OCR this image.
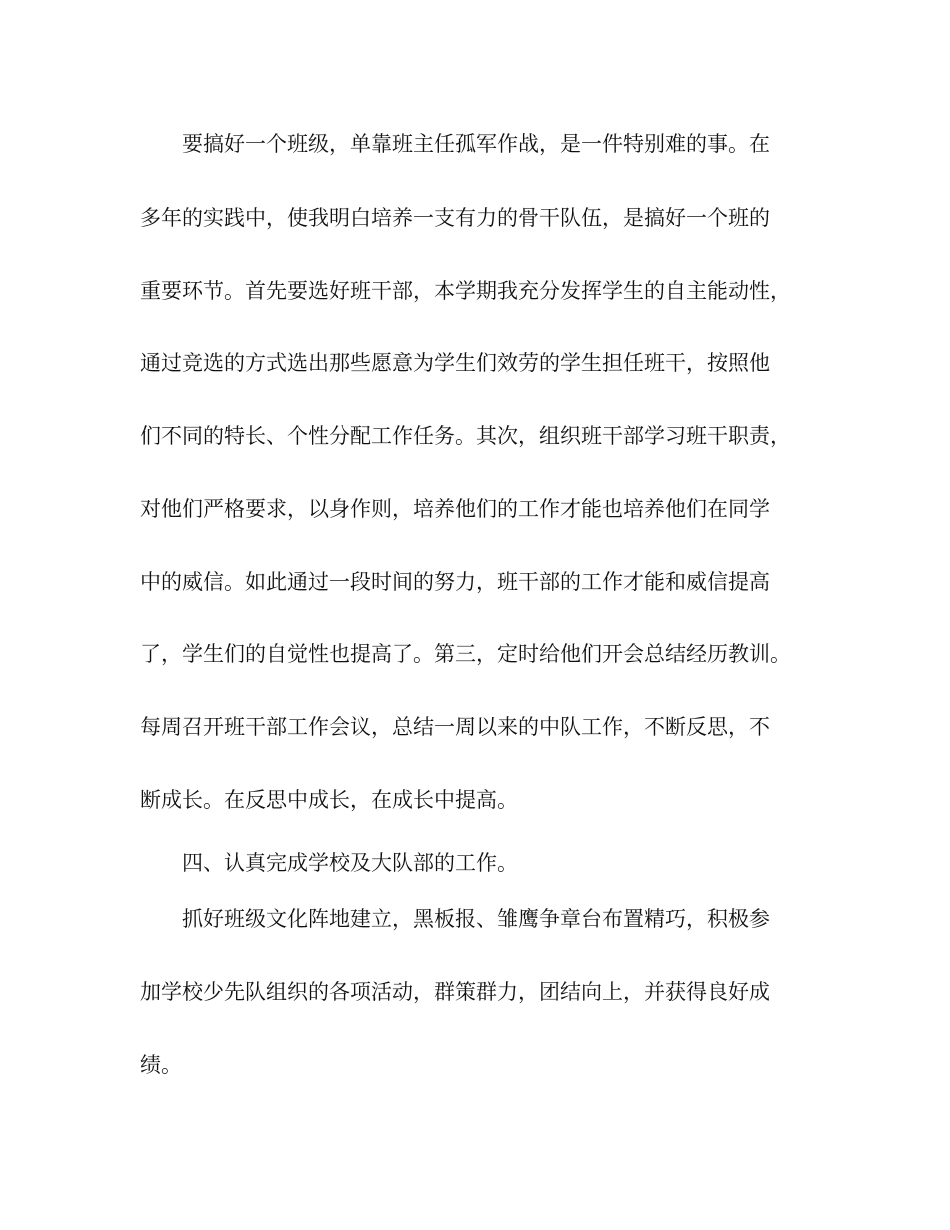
要搞好一个班级，单靠班主任孤军作战，是一件特别难的事。在
多年的实践中，使我明白培养一支有力的骨干队伍，是搞好一个班的
重要环节。首先要选好班干部，本学期我充分发挥学生的自主能动性，
通过竞选的方式选出那些愿意为学生们效劳的学生担任班干，按照他
们不同的特长、个性分配工作任务。其次，组织班干部学习班干职责，
对他们严格要求，以身作则，培养他们的工作才能也培养他们在同学
中的威信。如此通过一段时间的努力，班干部的工作才能和威信提高
了，学生们的自觉性也提高了。第三，定时给他们开会总结经历教训。
每周召开班干部工作会议，总结一周以来的中队工作，不断反思，不
断成长。在反思中成长，在成长中提高。
四、认真完成学校及大队部的工作。
抓好班级文化阵地建立，黑板报、雏鹰争章台布置精巧，积极参
加学校少先队组织的各项活动，群策群力，团结向上，并获得良好成
绩。
